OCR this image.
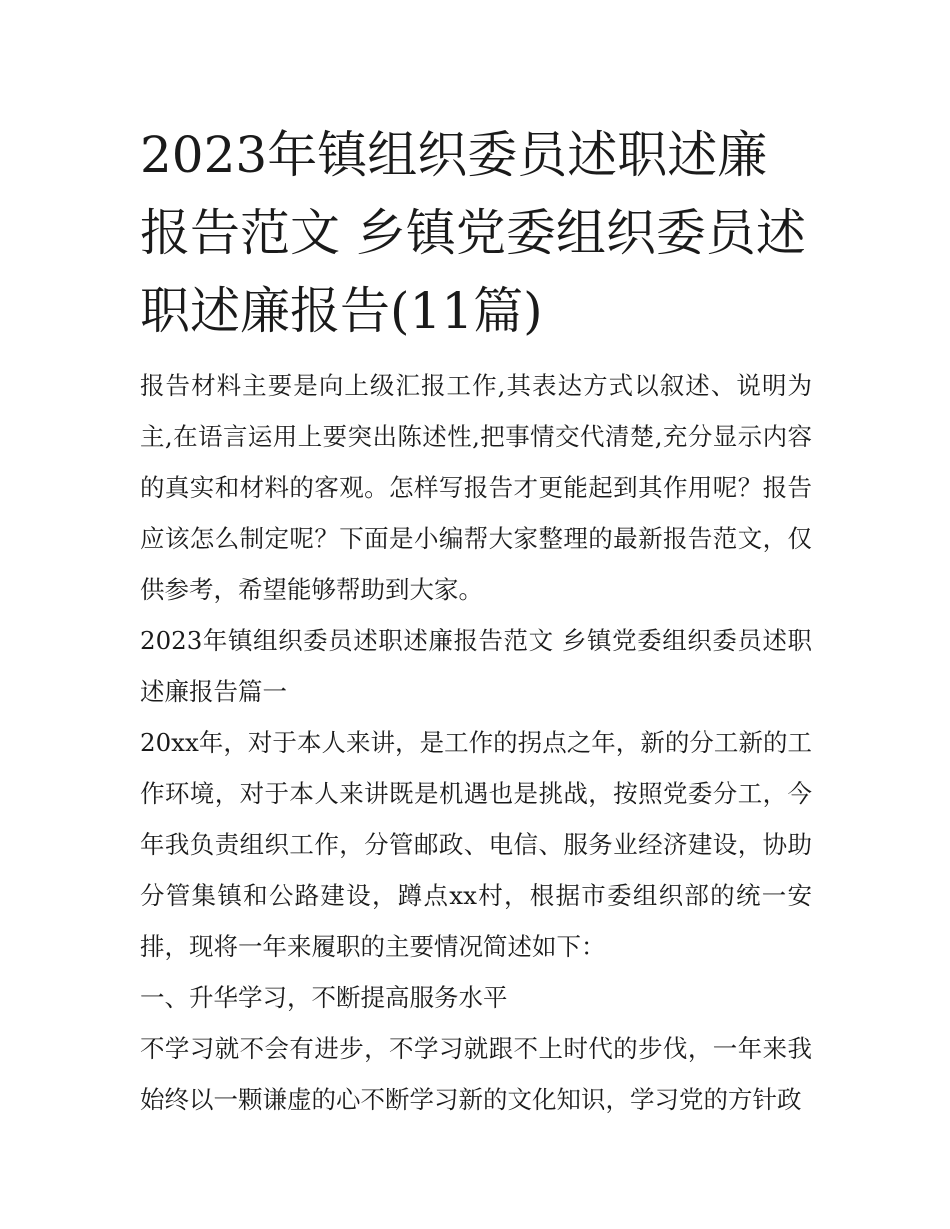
2023年镇组织委员述职述廉报告范文 乡镇党委组织委员述职述廉报告(11篇)

报告材料主要是向上级汇报工作,其表达方式以叙述、说明为主,在语言运用上要突出陈述性,把事情交代清楚,充分显示内容的真实和材料的客观。怎样写报告才更能起到其作用呢？报告应该怎么制定呢？下面是小编帮大家整理的最新报告范文，仅供参考，希望能够帮助到大家。

2023年镇组织委员述职述廉报告范文 乡镇党委组织委员述职述廉报告篇一

20xx年，对于本人来讲，是工作的拐点之年，新的分工新的工作环境，对于本人来讲既是机遇也是挑战，按照党委分工，今年我负责组织工作，分管邮政、电信、服务业经济建设，协助分管集镇和公路建设，蹲点xx村，根据市委组织部的统一安排，现将一年来履职的主要情况简述如下：

一、升华学习，不断提高服务水平

不学习就不会有进步，不学习就跟不上时代的步伐，一年来我始终以一颗谦虚的心不断学习新的文化知识，学习党的方针政
